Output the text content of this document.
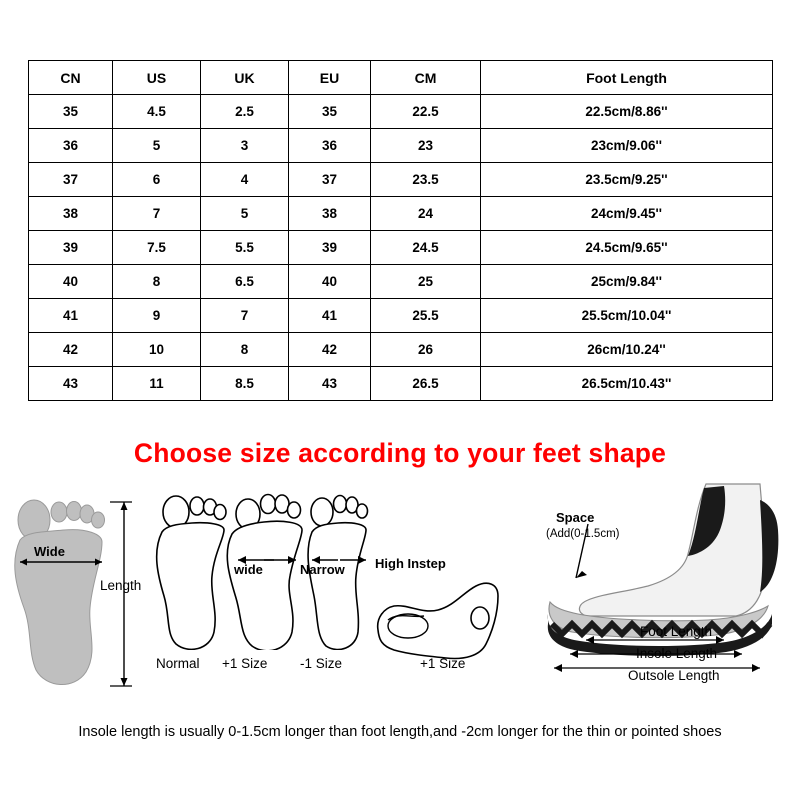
CN	US	UK	EU	CM	Foot Length
35	4.5	2.5	35	22.5	22.5cm/8.86''
36	5	3	36	23	23cm/9.06''
37	6	4	37	23.5	23.5cm/9.25''
38	7	5	38	24	24cm/9.45''
39	7.5	5.5	39	24.5	24.5cm/9.65''
40	8	6.5	40	25	25cm/9.84''
41	9	7	41	25.5	25.5cm/10.04''
42	10	8	42	26	26cm/10.24''
43	11	8.5	43	26.5	26.5cm/10.43''
Choose size according to your feet shape
Wide
Length
Normal
wide
+1 Size
Narrow
-1 Size
High Instep
+1 Size
Space
(Add(0-1.5cm)
Foot Length
Insole Length
Outsole Length
Insole length is usually 0-1.5cm longer than foot length,and -2cm longer for the thin or pointed shoes
